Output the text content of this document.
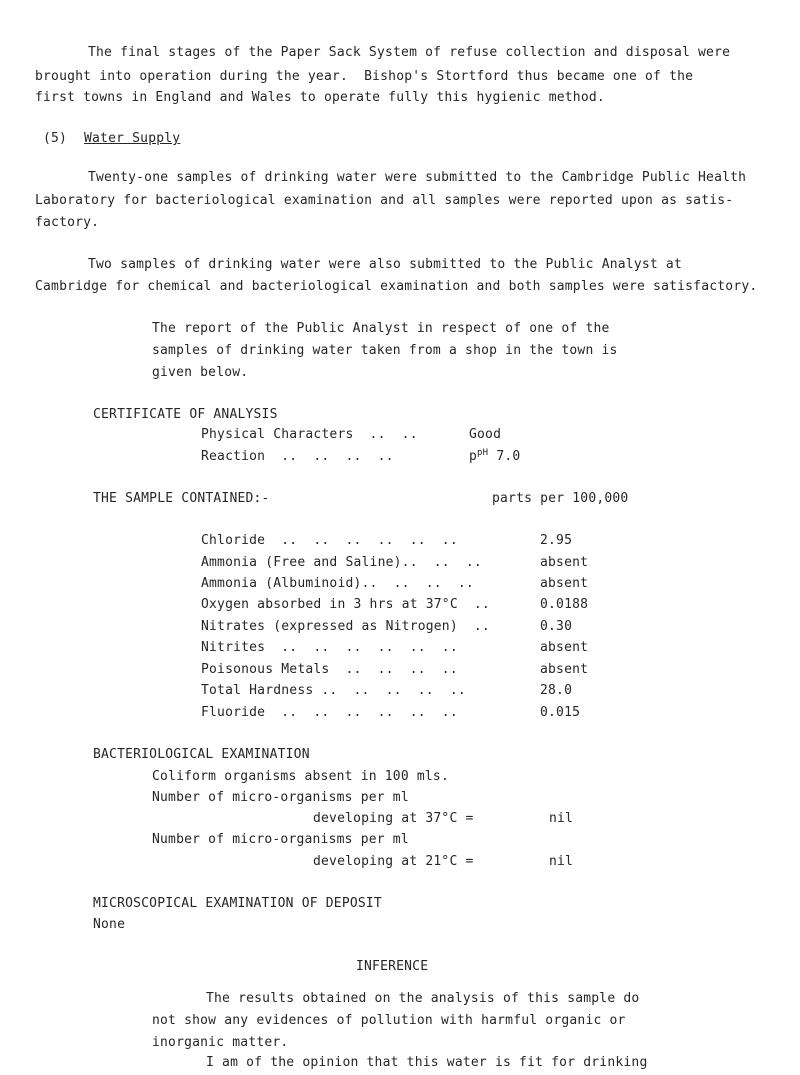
The final stages of the Paper Sack System of refuse collection and disposal were
brought into operation during the year.  Bishop's Stortford thus became one of the
first towns in England and Wales to operate fully this hygienic method.
(5) Water Supply
Twenty-one samples of drinking water were submitted to the Cambridge Public Health
Laboratory for bacteriological examination and all samples were reported upon as satis-
factory.
Two samples of drinking water were also submitted to the Public Analyst at
Cambridge for chemical and bacteriological examination and both samples were satisfactory.
The report of the Public Analyst in respect of one of the
samples of drinking water taken from a shop in the town is
given below.
CERTIFICATE OF ANALYSIS
Physical Characters  ..  ..	Good
Reaction  ..  ..  ..  ..	$p^{pH}$ 7.0
THE SAMPLE CONTAINED:-	parts per 100,000
Chloride  ..  ..  ..  ..  ..  ..	2.95
Ammonia (Free and Saline)..  ..  ..	absent
Ammonia (Albuminoid)..  ..  ..  ..	absent
Oxygen absorbed in 3 hrs at 37°C  ..	0.0188
Nitrates (expressed as Nitrogen)  ..	0.30
Nitrites  ..  ..  ..  ..  ..  ..	absent
Poisonous Metals  ..  ..  ..  ..	absent
Total Hardness ..  ..  ..  ..  ..	28.0
Fluoride  ..  ..  ..  ..  ..  ..	0.015
BACTERIOLOGICAL EXAMINATION
Coliform organisms absent in 100 mls.
Number of micro-organisms per ml
developing at 37°C =	nil
Number of micro-organisms per ml
developing at 21°C =	nil
MICROSCOPICAL EXAMINATION OF DEPOSIT
None
INFERENCE
The results obtained on the analysis of this sample do
not show any evidences of pollution with harmful organic or
inorganic matter.
I am of the opinion that this water is fit for drinking
